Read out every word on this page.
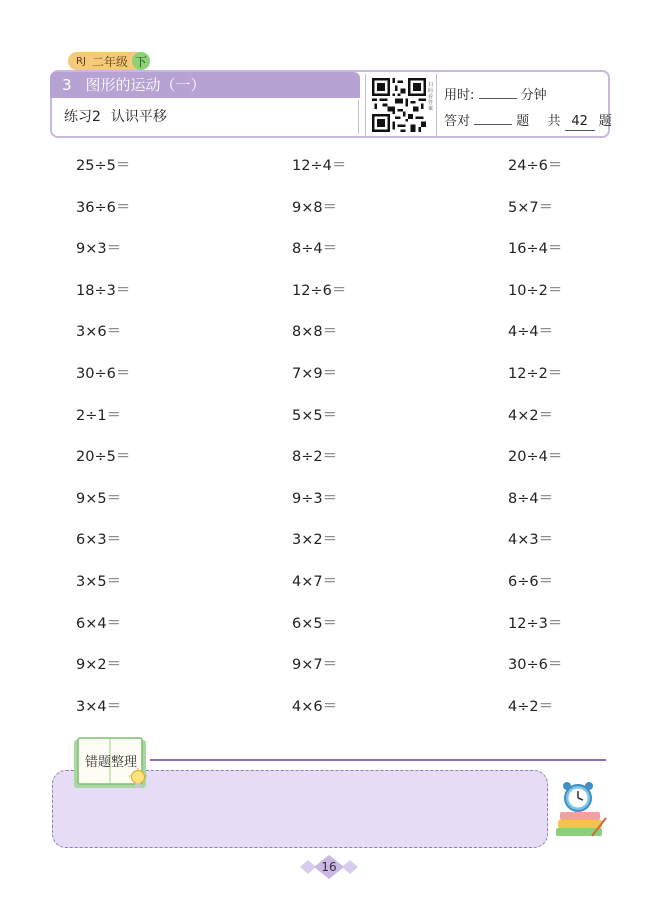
RJ 二年级 下
3 图形的运动（一）
练习2 认识平移
扫码看答案
用时:	分钟
答对	题 共 42 题
25÷5＝	12÷4＝	24÷6＝
36÷6＝	9×8＝	5×7＝
9×3＝	8÷4＝	16÷4＝
18÷3＝	12÷6＝	10÷2＝
3×6＝	8×8＝	4÷4＝
30÷6＝	7×9＝	12÷2＝
2÷1＝	5×5＝	4×2＝
20÷5＝	8÷2＝	20÷4＝
9×5＝	9÷3＝	8÷4＝
6×3＝	3×2＝	4×3＝
3×5＝	4×7＝	6÷6＝
6×4＝	6×5＝	12÷3＝
9×2＝	9×7＝	30÷6＝
3×4＝	4×6＝	4÷2＝
错题整理
16
